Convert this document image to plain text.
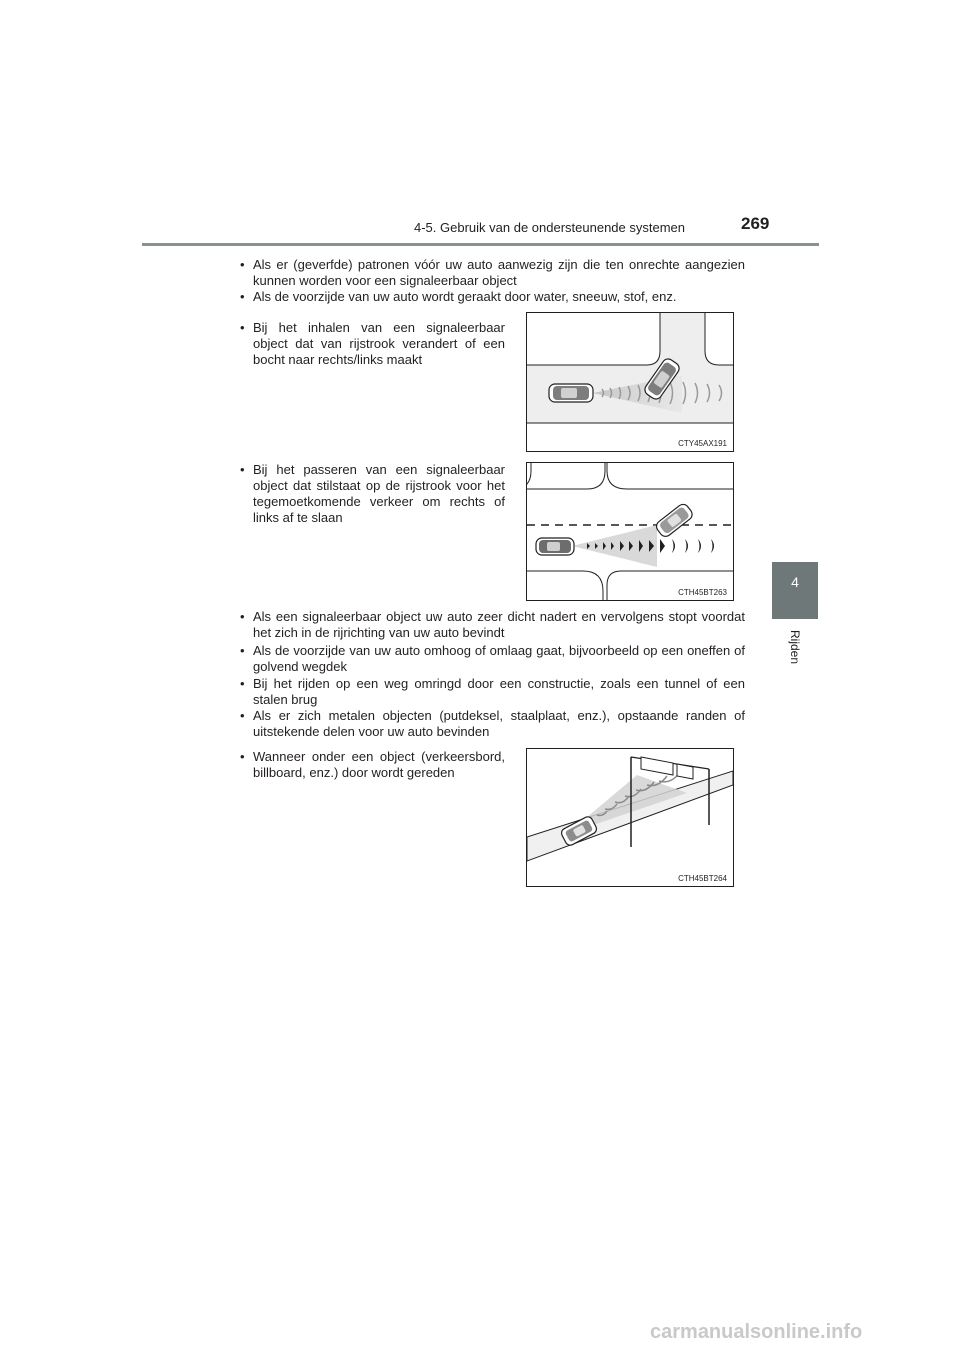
4-5. Gebruik van de ondersteunende systemen	269
4
Rijden
• Als er (geverfde) patronen vóór uw auto aanwezig zijn die ten onrechte aangezien kunnen worden voor een signaleerbaar object
• Als de voorzijde van uw auto wordt geraakt door water, sneeuw, stof, enz.
• Bij het inhalen van een signaleerbaar object dat van rijstrook verandert of een bocht naar rechts/links maakt
CTY45AX191
• Bij het passeren van een signaleerbaar object dat stilstaat op de rijstrook voor het tegemoetkomende verkeer om rechts of links af te slaan
CTH45BT263
• Als een signaleerbaar object uw auto zeer dicht nadert en vervolgens stopt voordat het zich in de rijrichting van uw auto bevindt
• Als de voorzijde van uw auto omhoog of omlaag gaat, bijvoorbeeld op een oneffen of golvend wegdek
• Bij het rijden op een weg omringd door een constructie, zoals een tunnel of een stalen brug
• Als er zich metalen objecten (putdeksel, staalplaat, enz.), opstaande randen of uitstekende delen voor uw auto bevinden
• Wanneer onder een object (verkeersbord, billboard, enz.) door wordt gereden
CTH45BT264
carmanualsonline.info
